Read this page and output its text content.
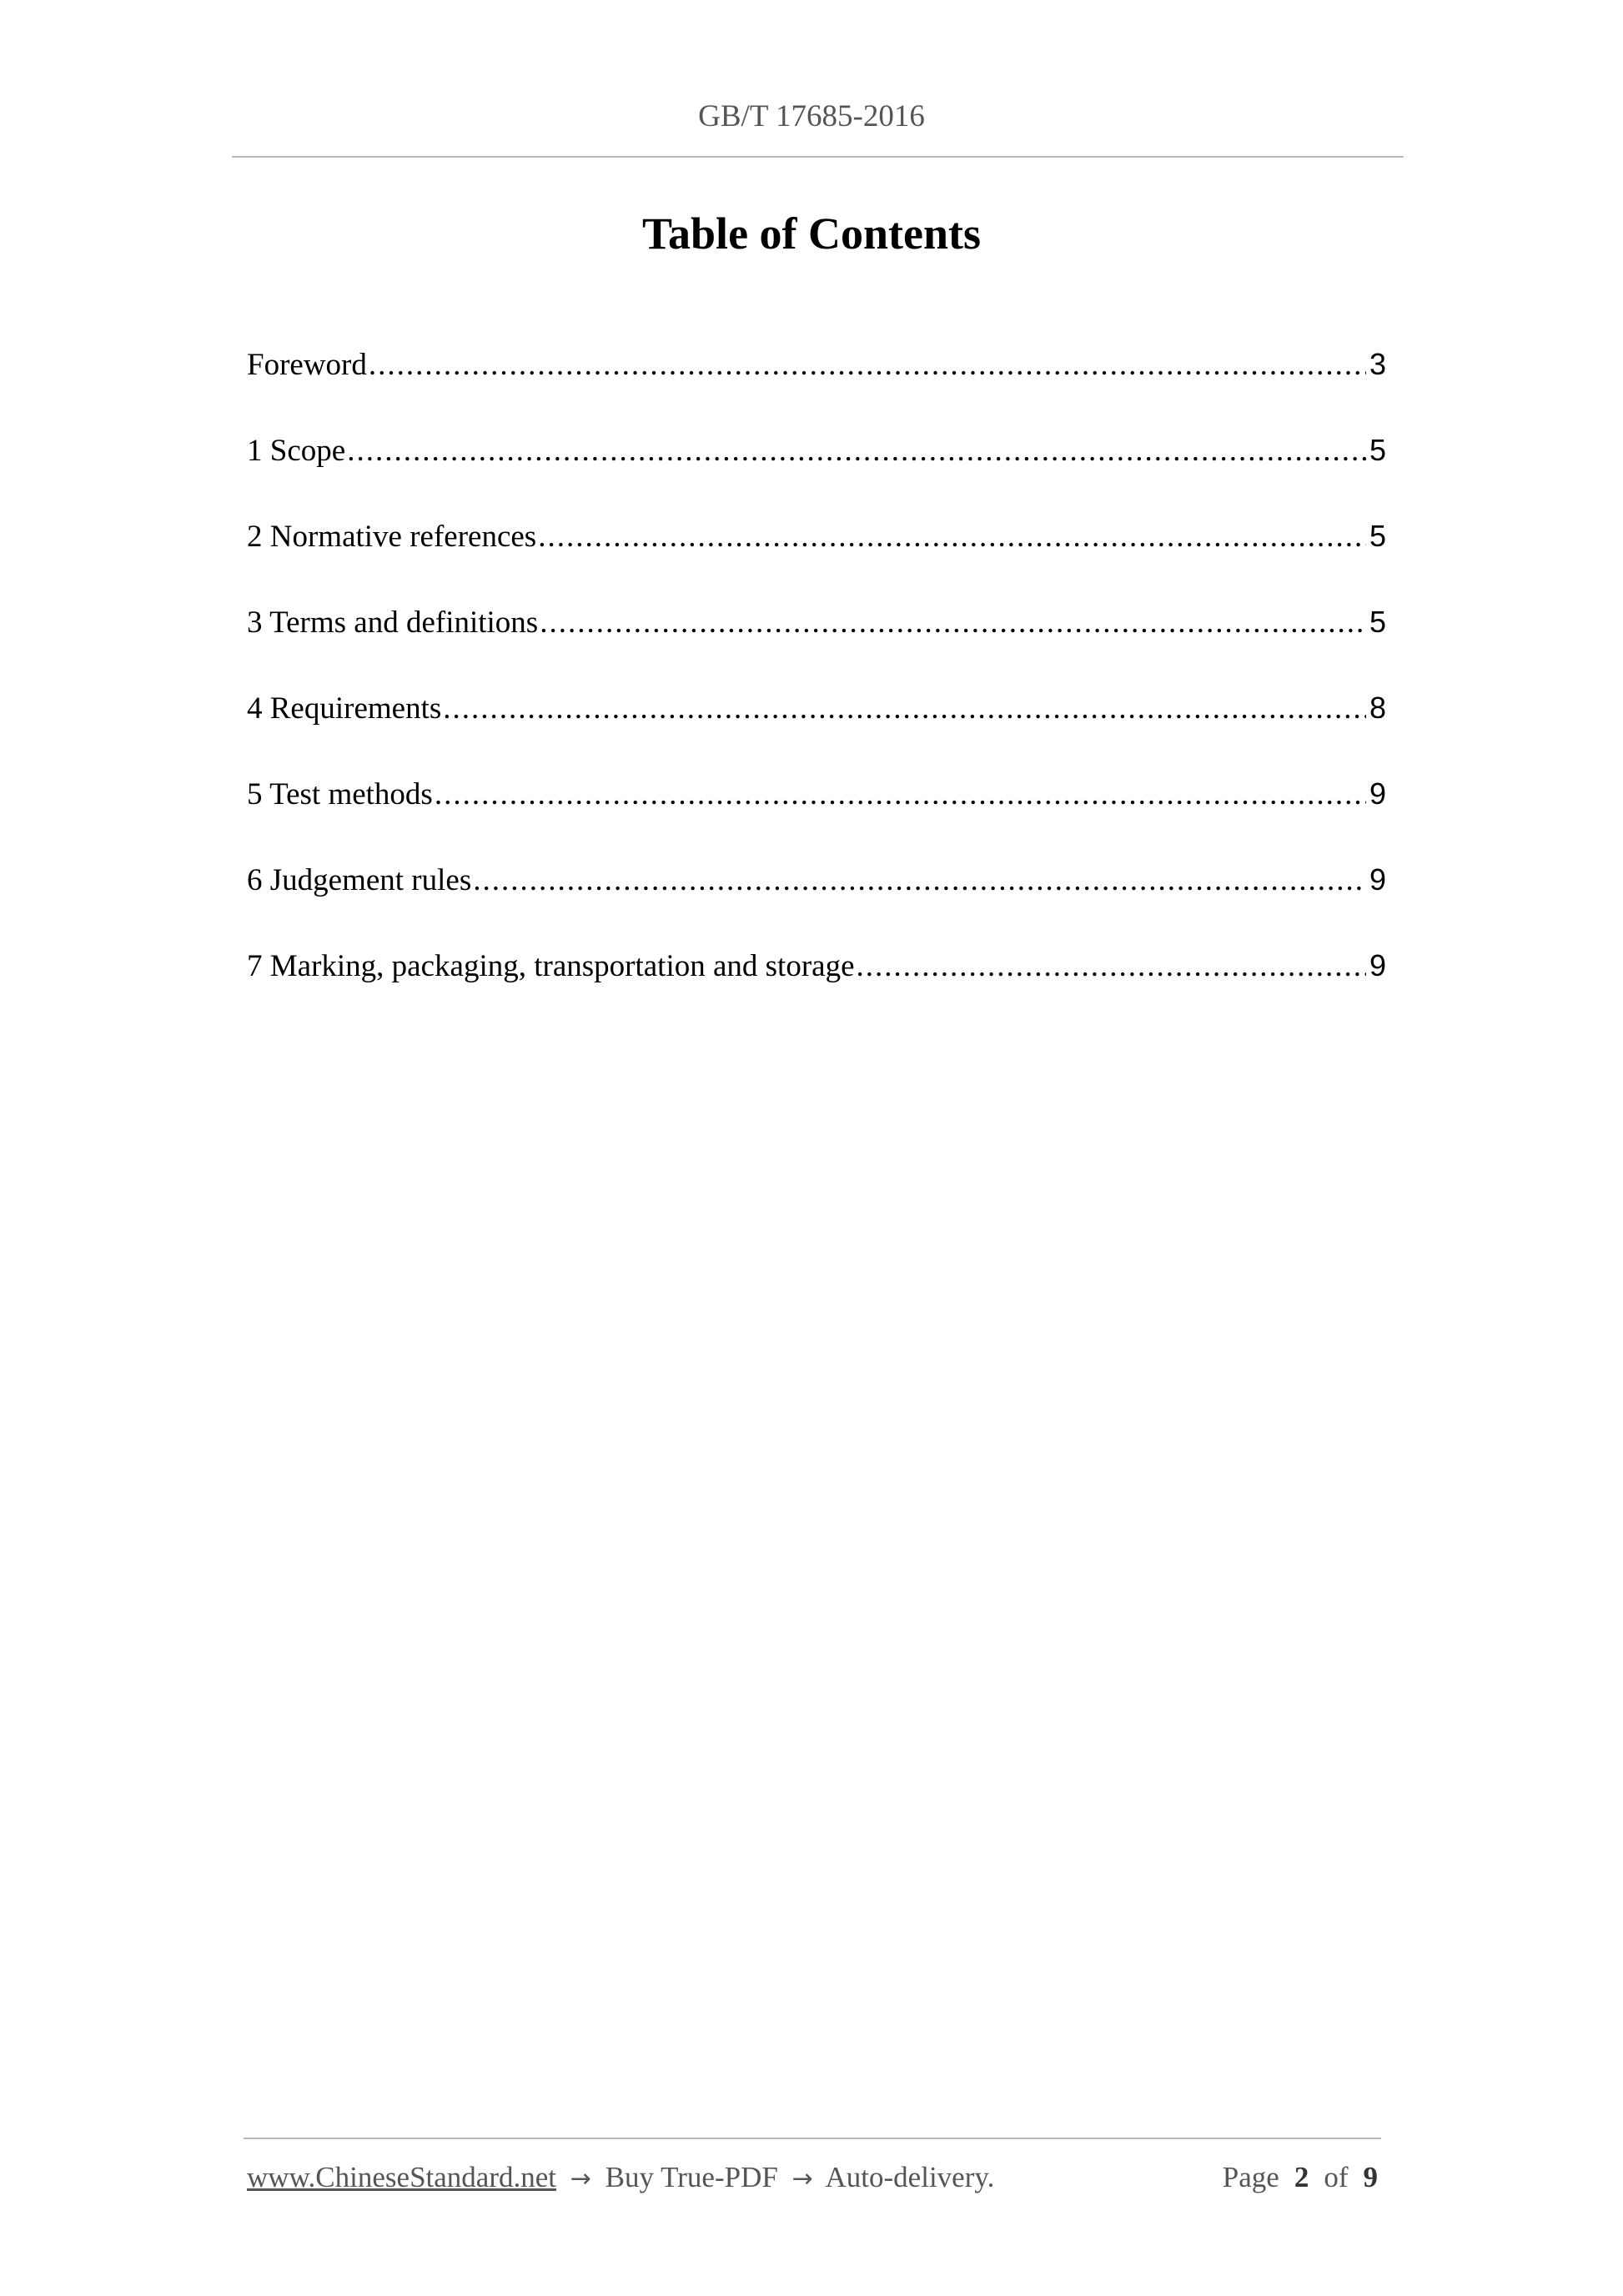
GB/T 17685-2016
Table of Contents
Foreword .....	3
1 Scope .....	5
2 Normative references .....	5
3 Terms and definitions .....	5
4 Requirements .....	8
5 Test methods .....	9
6 Judgement rules .....	9
7 Marking, packaging, transportation and storage .....	9
www.ChineseStandard.net → Buy True-PDF → Auto-delivery.	Page 2 of 9
